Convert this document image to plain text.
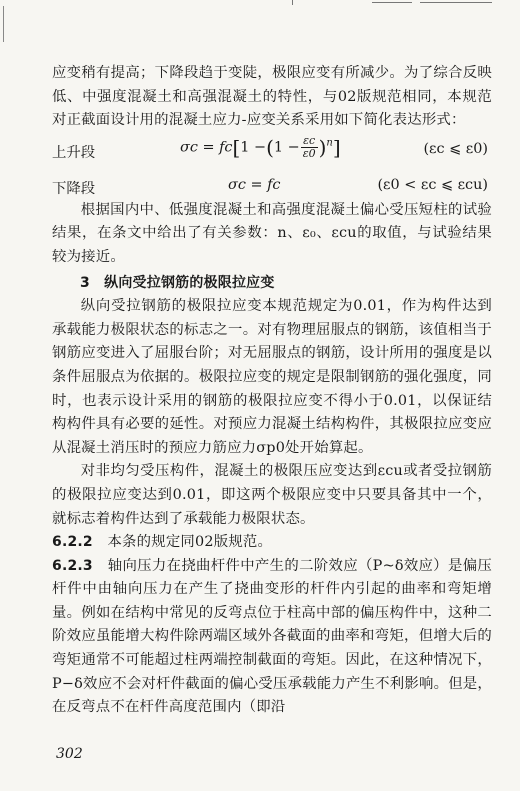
应变稍有提高；下降段趋于变陡，极限应变有所减少。为了综合反映低、中强度混凝土和高强混凝土的特性，与02版规范相同，本规范对正截面设计用的混凝土应力-应变关系采用如下简化表达形式：

上升段	$\sigma c = fc[1 -(1 - \frac{\varepsilon c}{\varepsilon 0} )^n]$	(εc ⩽ ε0)
下降段	σc = fc	(ε0 < εc ⩽ εcu)

根据国内中、低强度混凝土和高强度混凝土偏心受压短柱的试验结果，在条文中给出了有关参数：n、ε₀、εcu的取值，与试验结果较为接近。

3　纵向受拉钢筋的极限拉应变

纵向受拉钢筋的极限拉应变本规范规定为0.01，作为构件达到承载能力极限状态的标志之一。对有物理屈服点的钢筋，该值相当于钢筋应变进入了屈服台阶；对无屈服点的钢筋，设计所用的强度是以条件屈服点为依据的。极限拉应变的规定是限制钢筋的强化强度，同时，也表示设计采用的钢筋的极限拉应变不得小于0.01，以保证结构构件具有必要的延性。对预应力混凝土结构构件，其极限拉应变应从混凝土消压时的预应力筋应力σp0处开始算起。

对非均匀受压构件，混凝土的极限压应变达到εcu或者受拉钢筋的极限拉应变达到0.01，即这两个极限应变中只要具备其中一个，就标志着构件达到了承载能力极限状态。

6.2.2　 本条的规定同02版规范。

6.2.3　 轴向压力在挠曲杆件中产生的二阶效应（P~δ效应）是偏压杆件中由轴向压力在产生了挠曲变形的杆件内引起的曲率和弯矩增量。例如在结构中常见的反弯点位于柱高中部的偏压构件中，这种二阶效应虽能增大构件除两端区域外各截面的曲率和弯矩，但增大后的弯矩通常不可能超过柱两端控制截面的弯矩。因此，在这种情况下，P−δ效应不会对杆件截面的偏心受压承载能力产生不利影响。但是，在反弯点不在杆件高度范围内（即沿

302
